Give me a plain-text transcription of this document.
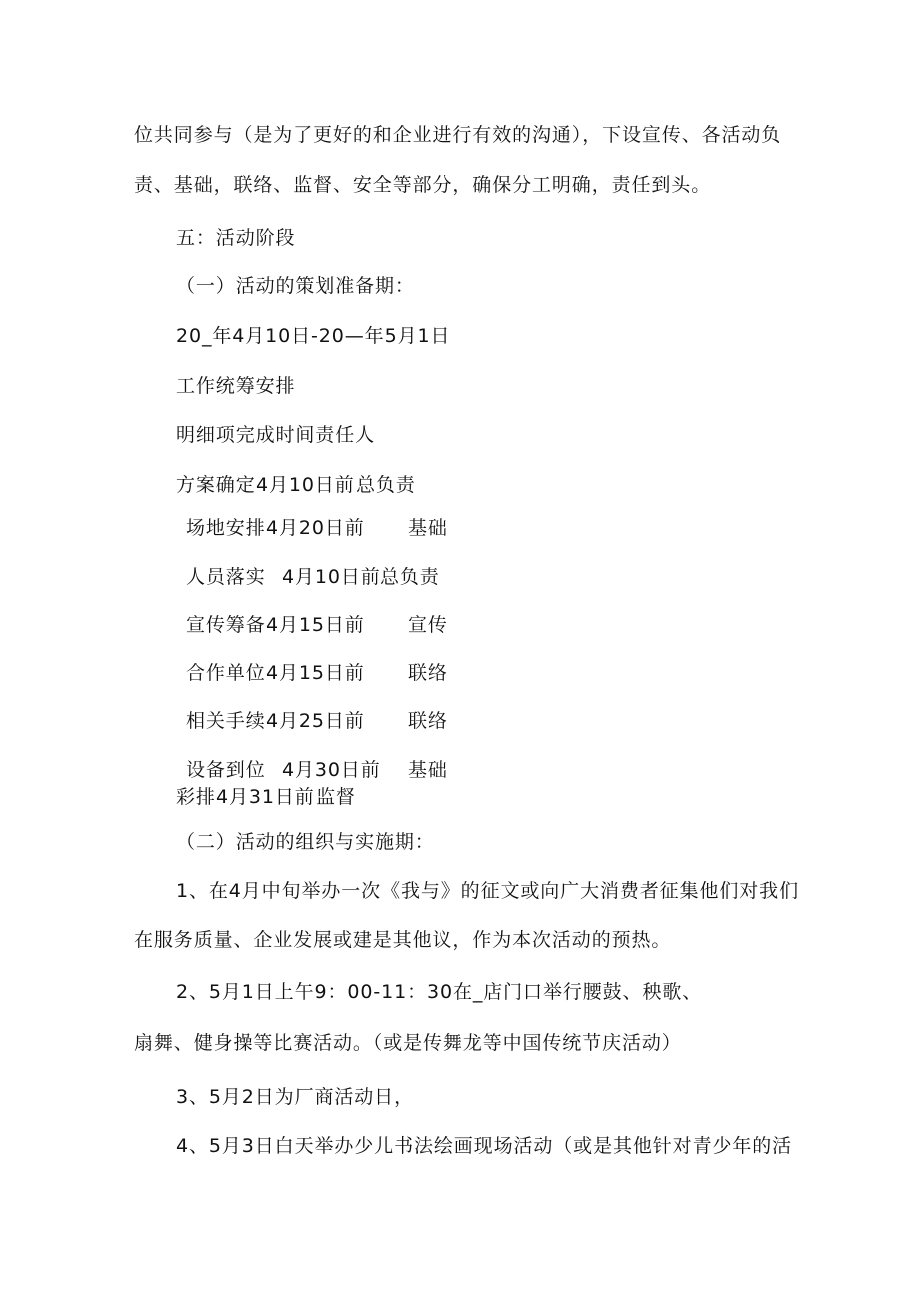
位共同参与（是为了更好的和企业进行有效的沟通），下设宣传、各活动负
责、基础，联络、监督、安全等部分，确保分工明确，责任到头。
五：活动阶段
（一）活动的策划准备期：
20_年4月10日-20—年5月1日
工作统筹安排
明细项完成时间责任人
方案确定 4月10日前 总负责
场地安排 4月20日前 基础
人员落实 4月10日前 总负责
宣传筹备 4月15日前 宣传
合作单位 4月15日前 联络
相关手续 4月25日前 联络
设备到位 4月30日前 基础
彩排 4月31日前 监督
（二）活动的组织与实施期：
1、在4月中旬举办一次《我与》的征文或向广大消费者征集他们对我们
在服务质量、企业发展或建是其他议，作为本次活动的预热。
2、5月1日上午9：00-11：30在_店门口举行腰鼓、秧歌、
扇舞、健身操等比赛活动。（或是传舞龙等中国传统节庆活动）
3、5月2日为厂商活动日，
4、5月3日白天举办少儿书法绘画现场活动（或是其他针对青少年的活
